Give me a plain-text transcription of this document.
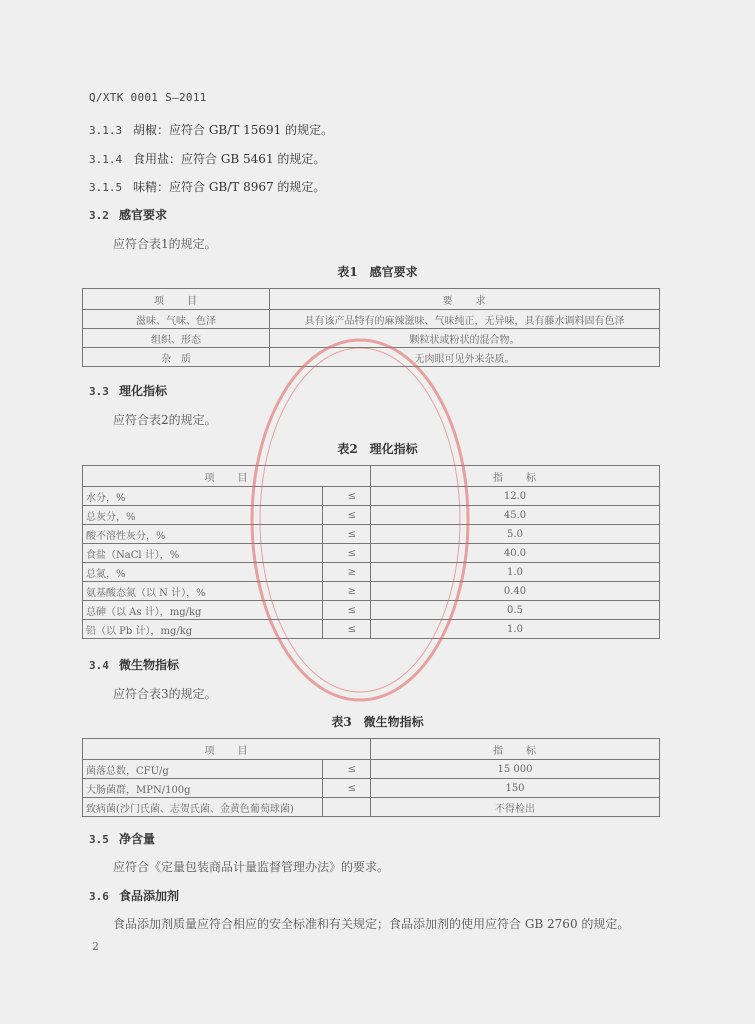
Q/XTK 0001 S—2011
3.1.3 胡椒：应符合 GB/T 15691 的规定。
3.1.4 食用盐：应符合 GB 5461 的规定。
3.1.5 味精：应符合 GB/T 8967 的规定。
3.2 感官要求
应符合表1的规定。
表1　感官要求
项　　目	要　　求
滋味、气味、色泽	具有该产品特有的麻辣滋味、气味纯正，无异味，具有藤水调料固有色泽
组织、形态	颗粒状或粉状的混合物。
杂　质	无肉眼可见外来杂质。
3.3 理化指标
应符合表2的规定。
表2　理化指标
项　　目		指　　标
水分，%	≤	12.0
总灰分，%	≤	45.0
酸不溶性灰分，%	≤	5.0
食盐（NaCl 计），%	≤	40.0
总氮，%	≥	1.0
氨基酸态氮（以 N 计），%	≥	0.40
总砷（以 As 计），mg/kg	≤	0.5
铅（以 Pb 计），mg/kg	≤	1.0
3.4 微生物指标
应符合表3的规定。
表3　微生物指标
项　　目		指　　标
菌落总数，CFU/g	≤	15 000
大肠菌群，MPN/100g	≤	150
致病菌(沙门氏菌、志贺氏菌、金黄色葡萄球菌)		不得检出
3.5 净含量
应符合《定量包装商品计量监督管理办法》的要求。
3.6 食品添加剂
食品添加剂质量应符合相应的安全标准和有关规定；食品添加剂的使用应符合 GB 2760 的规定。
2
